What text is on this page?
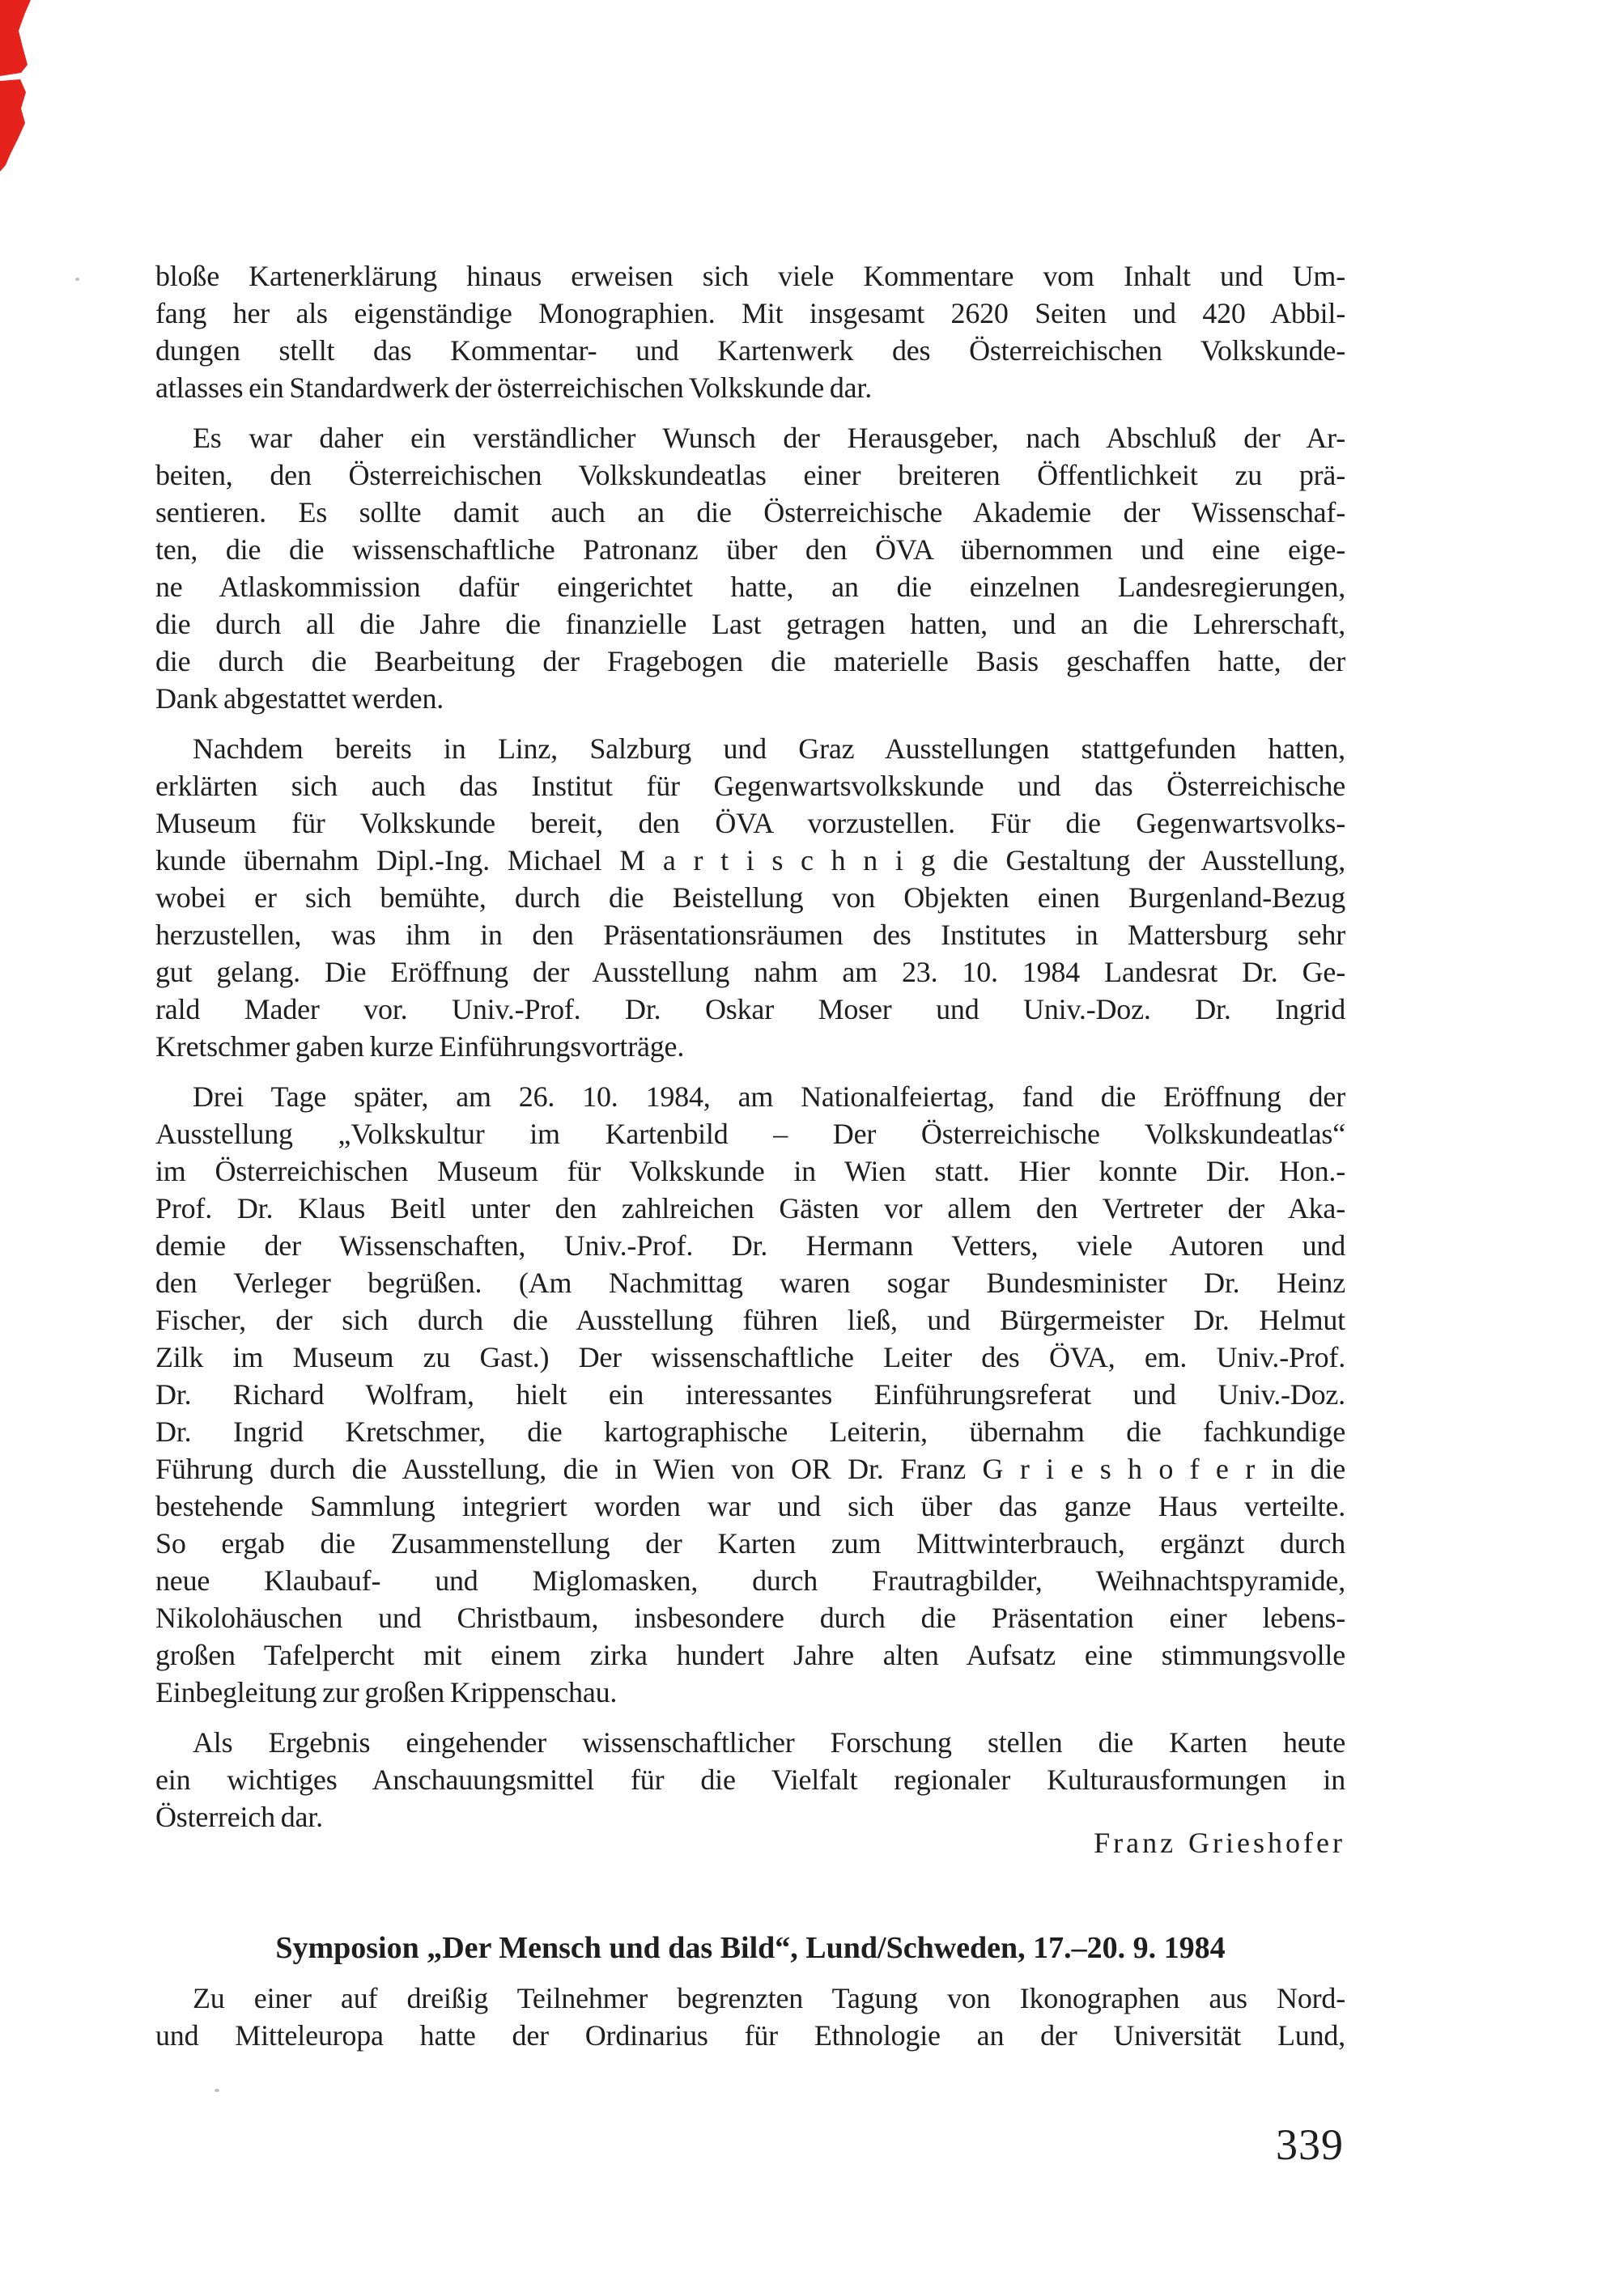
bloße Kartenerklärung hinaus erweisen sich viele Kommentare vom Inhalt und Um-
fang her als eigenständige Monographien. Mit insgesamt 2620 Seiten und 420 Abbil-
dungen stellt das Kommentar- und Kartenwerk des Österreichischen Volkskunde-
atlasses ein Standardwerk der österreichischen Volkskunde dar.
Es war daher ein verständlicher Wunsch der Herausgeber, nach Abschluß der Ar-
beiten, den Österreichischen Volkskundeatlas einer breiteren Öffentlichkeit zu prä-
sentieren. Es sollte damit auch an die Österreichische Akademie der Wissenschaf-
ten, die die wissenschaftliche Patronanz über den ÖVA übernommen und eine eige-
ne Atlaskommission dafür eingerichtet hatte, an die einzelnen Landesregierungen,
die durch all die Jahre die finanzielle Last getragen hatten, und an die Lehrerschaft,
die durch die Bearbeitung der Fragebogen die materielle Basis geschaffen hatte, der
Dank abgestattet werden.
Nachdem bereits in Linz, Salzburg und Graz Ausstellungen stattgefunden hatten,
erklärten sich auch das Institut für Gegenwartsvolkskunde und das Österreichische
Museum für Volkskunde bereit, den ÖVA vorzustellen. Für die Gegenwartsvolks-
kunde übernahm Dipl.-Ing. Michael M a r t i s c h n i g die Gestaltung der Ausstellung,
wobei er sich bemühte, durch die Beistellung von Objekten einen Burgenland-Bezug
herzustellen, was ihm in den Präsentationsräumen des Institutes in Mattersburg sehr
gut gelang. Die Eröffnung der Ausstellung nahm am 23. 10. 1984 Landesrat Dr. Ge-
rald Mader vor. Univ.-Prof. Dr. Oskar Moser und Univ.-Doz. Dr. Ingrid
Kretschmer gaben kurze Einführungsvorträge.
Drei Tage später, am 26. 10. 1984, am Nationalfeiertag, fand die Eröffnung der
Ausstellung „Volkskultur im Kartenbild – Der Österreichische Volkskundeatlas“
im Österreichischen Museum für Volkskunde in Wien statt. Hier konnte Dir. Hon.-
Prof. Dr. Klaus Beitl unter den zahlreichen Gästen vor allem den Vertreter der Aka-
demie der Wissenschaften, Univ.-Prof. Dr. Hermann Vetters, viele Autoren und
den Verleger begrüßen. (Am Nachmittag waren sogar Bundesminister Dr. Heinz
Fischer, der sich durch die Ausstellung führen ließ, und Bürgermeister Dr. Helmut
Zilk im Museum zu Gast.) Der wissenschaftliche Leiter des ÖVA, em. Univ.-Prof.
Dr. Richard Wolfram, hielt ein interessantes Einführungsreferat und Univ.-Doz.
Dr. Ingrid Kretschmer, die kartographische Leiterin, übernahm die fachkundige
Führung durch die Ausstellung, die in Wien von OR Dr. Franz G r i e s h o f e r in die
bestehende Sammlung integriert worden war und sich über das ganze Haus verteilte.
So ergab die Zusammenstellung der Karten zum Mittwinterbrauch, ergänzt durch
neue Klaubauf- und Miglomasken, durch Frautragbilder, Weihnachtspyramide,
Nikolohäuschen und Christbaum, insbesondere durch die Präsentation einer lebens-
großen Tafelpercht mit einem zirka hundert Jahre alten Aufsatz eine stimmungsvolle
Einbegleitung zur großen Krippenschau.
Als Ergebnis eingehender wissenschaftlicher Forschung stellen die Karten heute
ein wichtiges Anschauungsmittel für die Vielfalt regionaler Kulturausformungen in
Österreich dar.
Franz Grieshofer
Symposion „Der Mensch und das Bild“, Lund/Schweden, 17.–20. 9. 1984
Zu einer auf dreißig Teilnehmer begrenzten Tagung von Ikonographen aus Nord-
und Mitteleuropa hatte der Ordinarius für Ethnologie an der Universität Lund,
339
